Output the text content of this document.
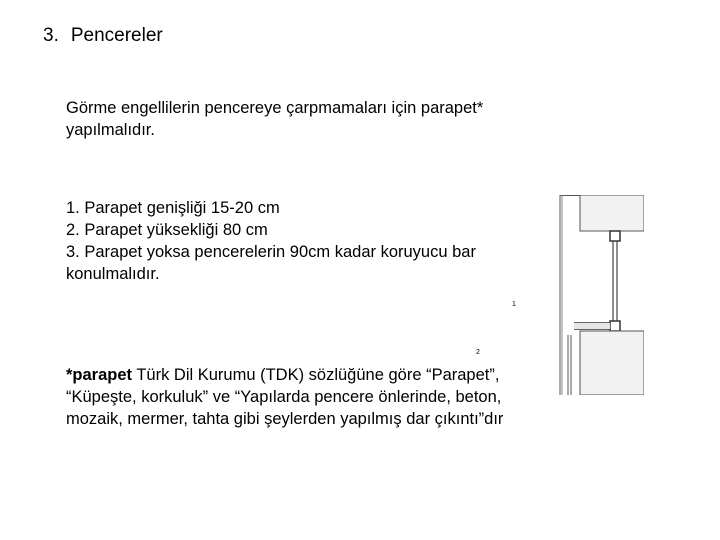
3. Pencereler
Görme engellilerin pencereye çarpmamaları için parapet* yapılmalıdır.
1. Parapet genişliği 15-20 cm
2. Parapet yüksekliği 80 cm
3. Parapet yoksa pencerelerin 90cm kadar koruyucu bar konulmalıdır.
1
2
*parapet Türk Dil Kurumu (TDK) sözlüğüne göre “Parapet”, “Küpeşte, korkuluk” ve “Yapılarda pencere önlerinde, beton, mozaik, mermer, tahta gibi şeylerden yapılmış dar çıkıntı”dır
